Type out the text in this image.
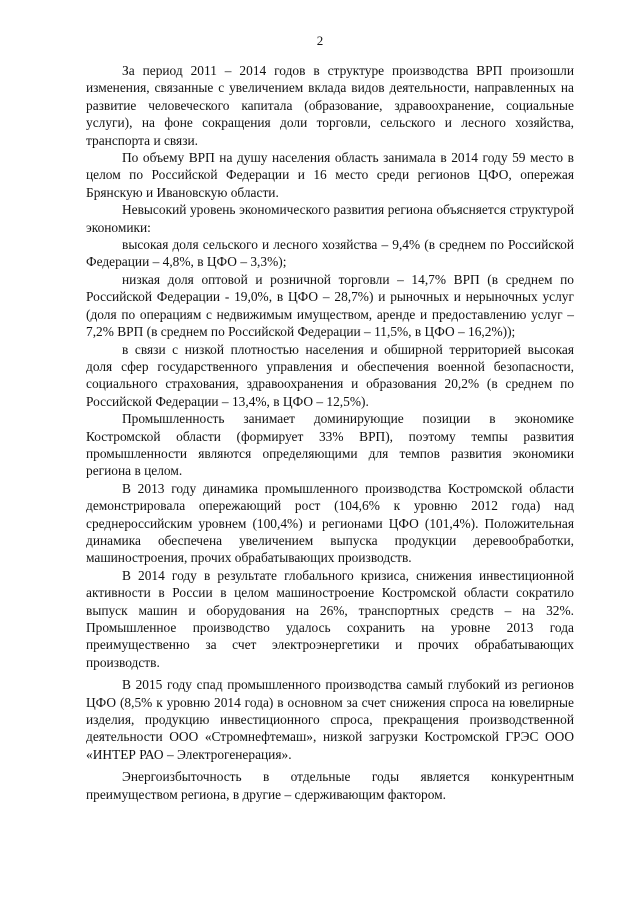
2

За период 2011 – 2014 годов в структуре производства ВРП произошли изменения, связанные с увеличением вклада видов деятельности, направленных на развитие человеческого капитала (образование, здравоохранение, социальные услуги), на фоне сокращения доли торговли, сельского и лесного хозяйства, транспорта и связи.

По объему ВРП на душу населения область занимала в 2014 году 59 место в целом по Российской Федерации и 16 место среди регионов ЦФО, опережая Брянскую и Ивановскую области.

Невысокий уровень экономического развития региона объясняется структурой экономики:

высокая доля сельского и лесного хозяйства – 9,4% (в среднем по Российской Федерации – 4,8%, в ЦФО – 3,3%);

низкая доля оптовой и розничной торговли – 14,7% ВРП (в среднем по Российской Федерации - 19,0%, в ЦФО – 28,7%) и рыночных и нерыночных услуг (доля по операциям с недвижимым имуществом, аренде и предоставлению услуг – 7,2% ВРП (в среднем по Российской Федерации – 11,5%, в ЦФО – 16,2%));

в связи с низкой плотностью населения и обширной территорией высокая доля сфер государственного управления и обеспечения военной безопасности, социального страхования, здравоохранения и образования 20,2% (в среднем по Российской Федерации – 13,4%, в ЦФО – 12,5%).

Промышленность занимает доминирующие позиции в экономике Костромской области (формирует 33% ВРП), поэтому темпы развития промышленности являются определяющими для темпов развития экономики региона в целом.

В 2013 году динамика промышленного производства Костромской области демонстрировала опережающий рост (104,6% к уровню 2012 года) над среднероссийским уровнем (100,4%) и регионами ЦФО (101,4%). Положительная динамика обеспечена увеличением выпуска продукции деревообработки, машиностроения, прочих обрабатывающих производств.

В 2014 году в результате глобального кризиса, снижения инвестиционной активности в России в целом машиностроение Костромской области сократило выпуск машин и оборудования на 26%, транспортных средств – на 32%. Промышленное производство удалось сохранить на уровне 2013 года преимущественно за счет электроэнергетики и прочих обрабатывающих производств.

В 2015 году спад промышленного производства самый глубокий из регионов ЦФО (8,5% к уровню 2014 года) в основном за счет снижения спроса на ювелирные изделия, продукцию инвестиционного спроса, прекращения производственной деятельности ООО «Стромнефтемаш», низкой загрузки Костромской ГРЭС ООО «ИНТЕР РАО – Электрогенерация».

Энергоизбыточность в отдельные годы является конкурентным преимуществом региона, в другие – сдерживающим фактором.
